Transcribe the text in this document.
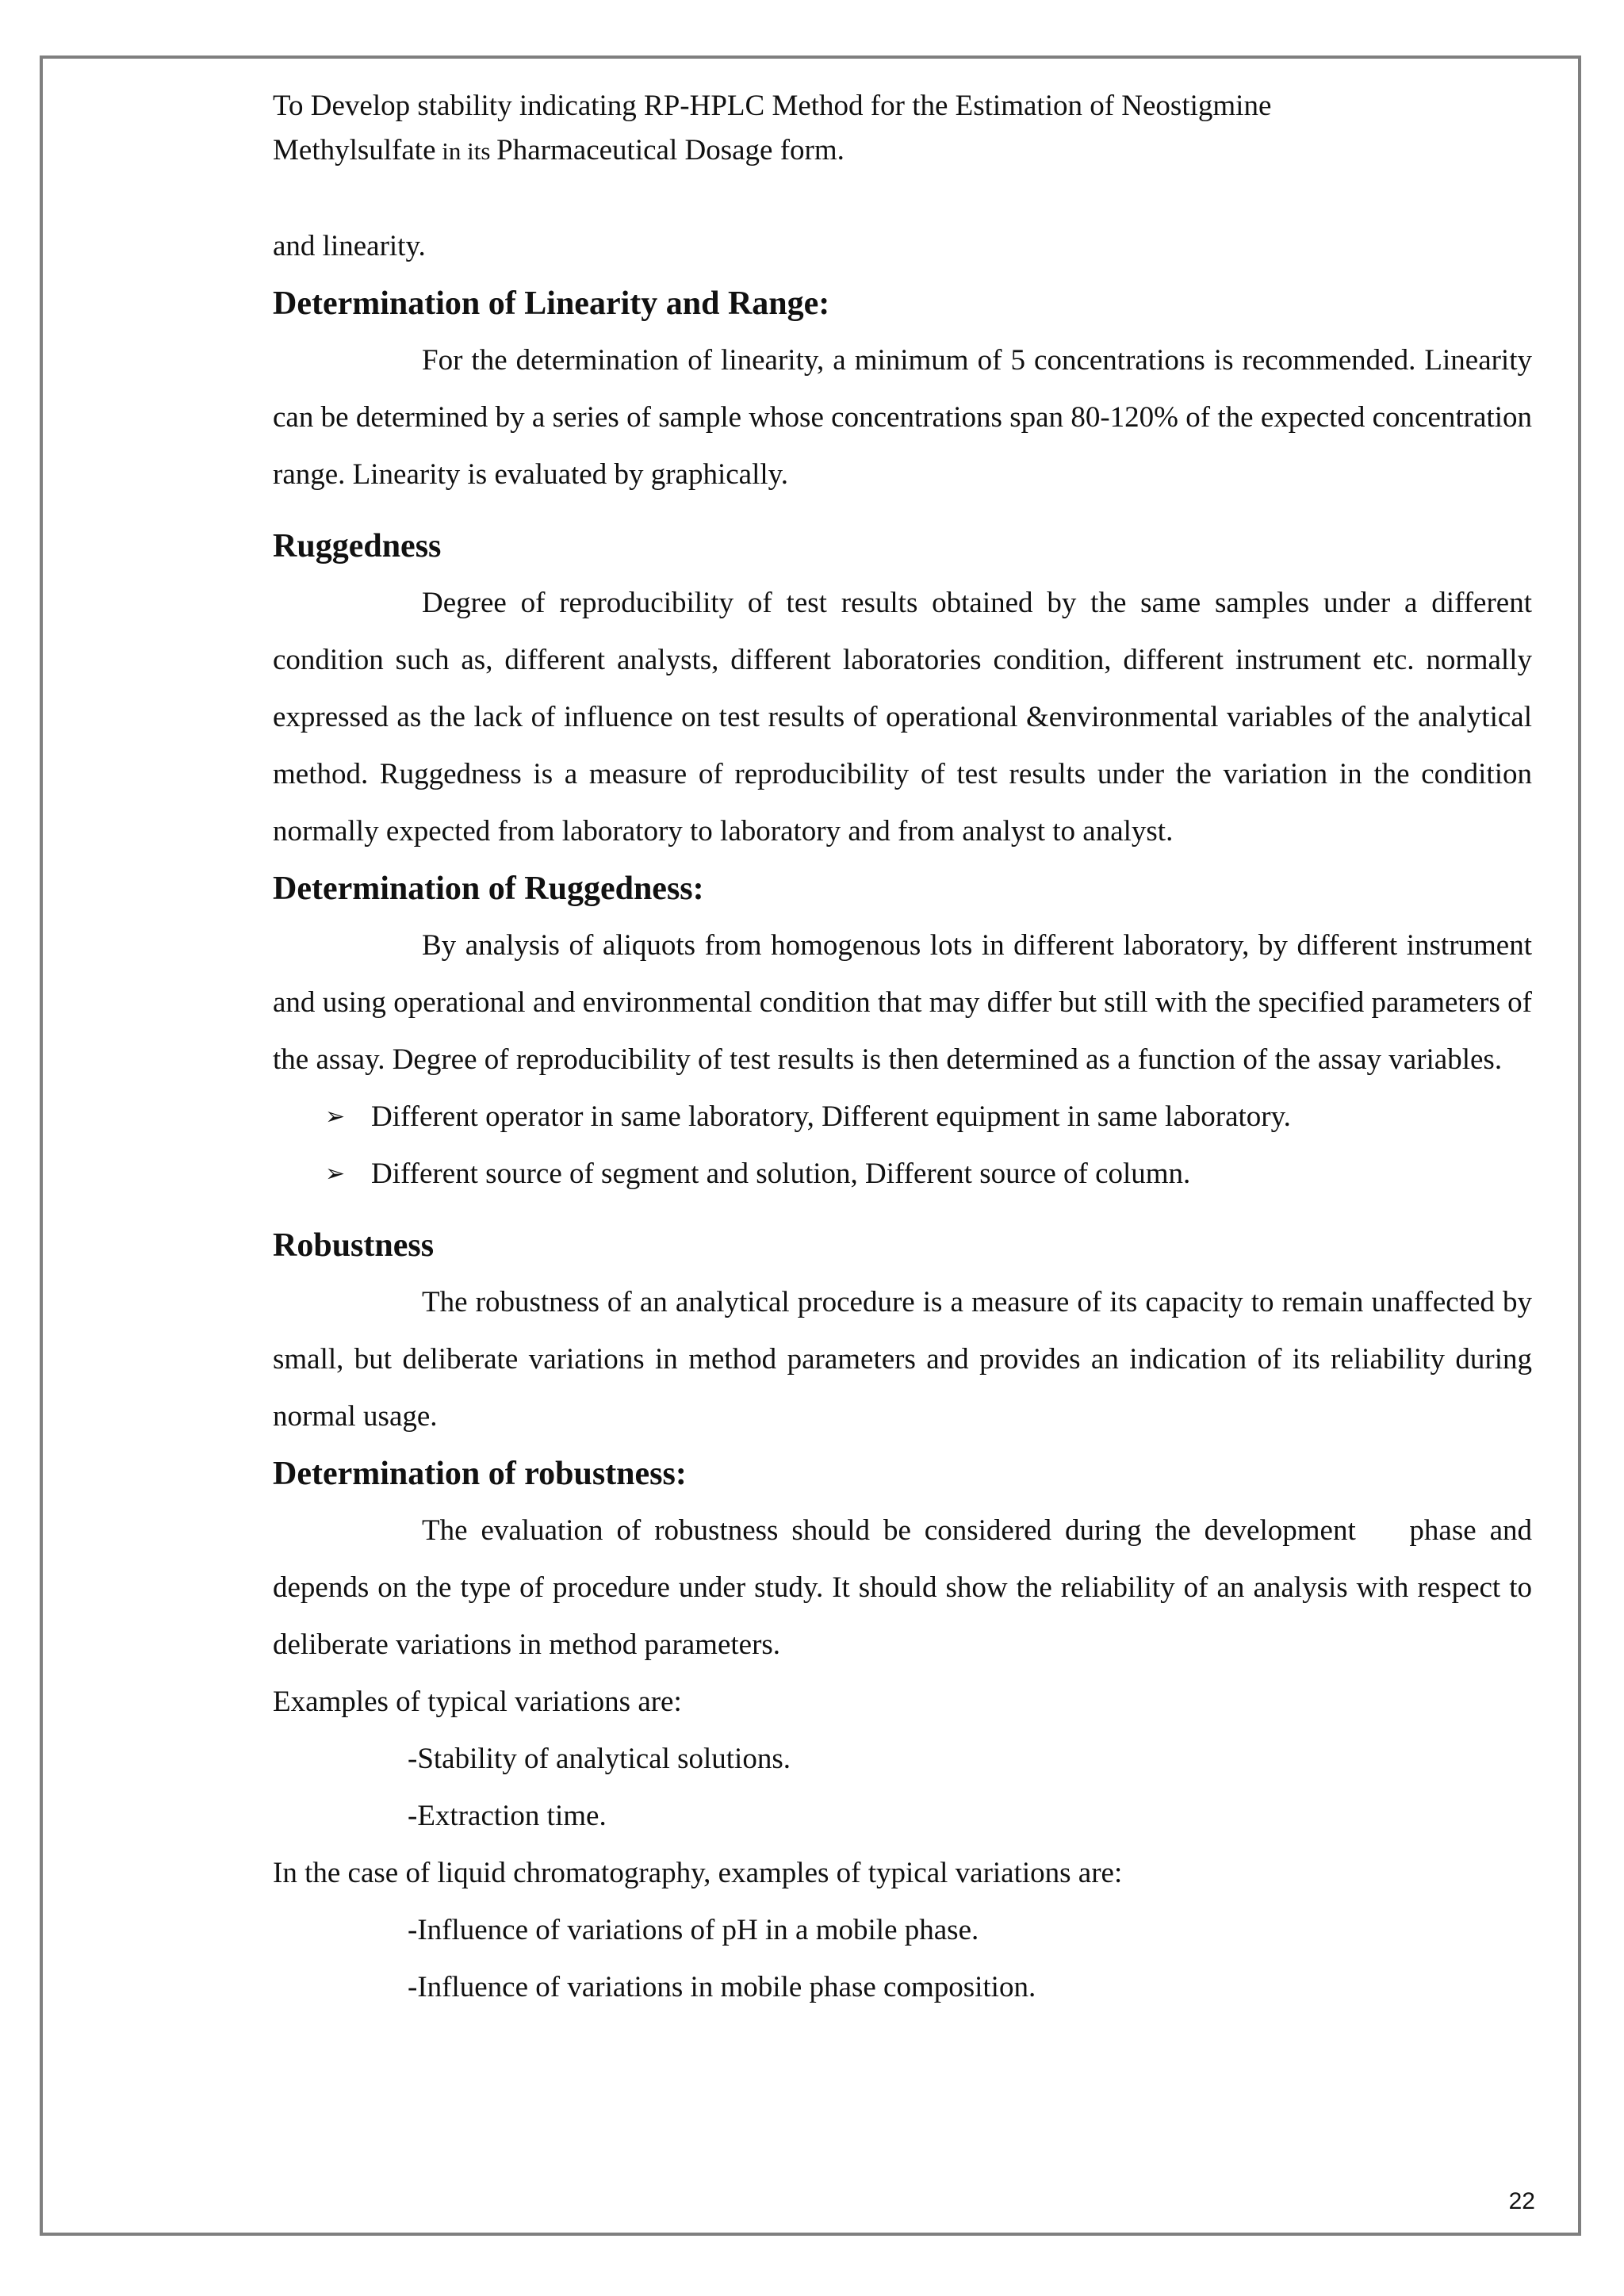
To Develop stability indicating RP-HPLC Method for the Estimation of Neostigmine
Methylsulfate in its Pharmaceutical Dosage form.

and linearity.

Determination of Linearity and Range:

For the determination of linearity, a minimum of 5 concentrations is recommended. Linearity can be determined by a series of sample whose concentrations span 80-120% of the expected concentration range. Linearity is evaluated by graphically.

Ruggedness

Degree of reproducibility of test results obtained by the same samples under a different condition such as, different analysts, different laboratories condition, different instrument etc. normally expressed as the lack of influence on test results of operational &environmental variables of the analytical method. Ruggedness is a measure of reproducibility of test results under the variation in the condition normally expected from laboratory to laboratory and from analyst to analyst.

Determination of Ruggedness:

By analysis of aliquots from homogenous lots in different laboratory, by different instrument and using operational and environmental condition that may differ but still with the specified parameters of the assay. Degree of reproducibility of test results is then determined as a function of the assay variables.

➢ Different operator in same laboratory, Different equipment in same laboratory.
➢ Different source of segment and solution, Different source of column.
Robustness

The robustness of an analytical procedure is a measure of its capacity to remain unaffected by small, but deliberate variations in method parameters and provides an indication of its reliability during normal usage.

Determination of robustness:

The evaluation of robustness should be considered during the development    phase and depends on the type of procedure under study. It should show the reliability of an analysis with respect to deliberate variations in method parameters.

Examples of typical variations are:

-Stability of analytical solutions.

-Extraction time.

In the case of liquid chromatography, examples of typical variations are:

-Influence of variations of pH in a mobile phase.

-Influence of variations in mobile phase composition.

22
